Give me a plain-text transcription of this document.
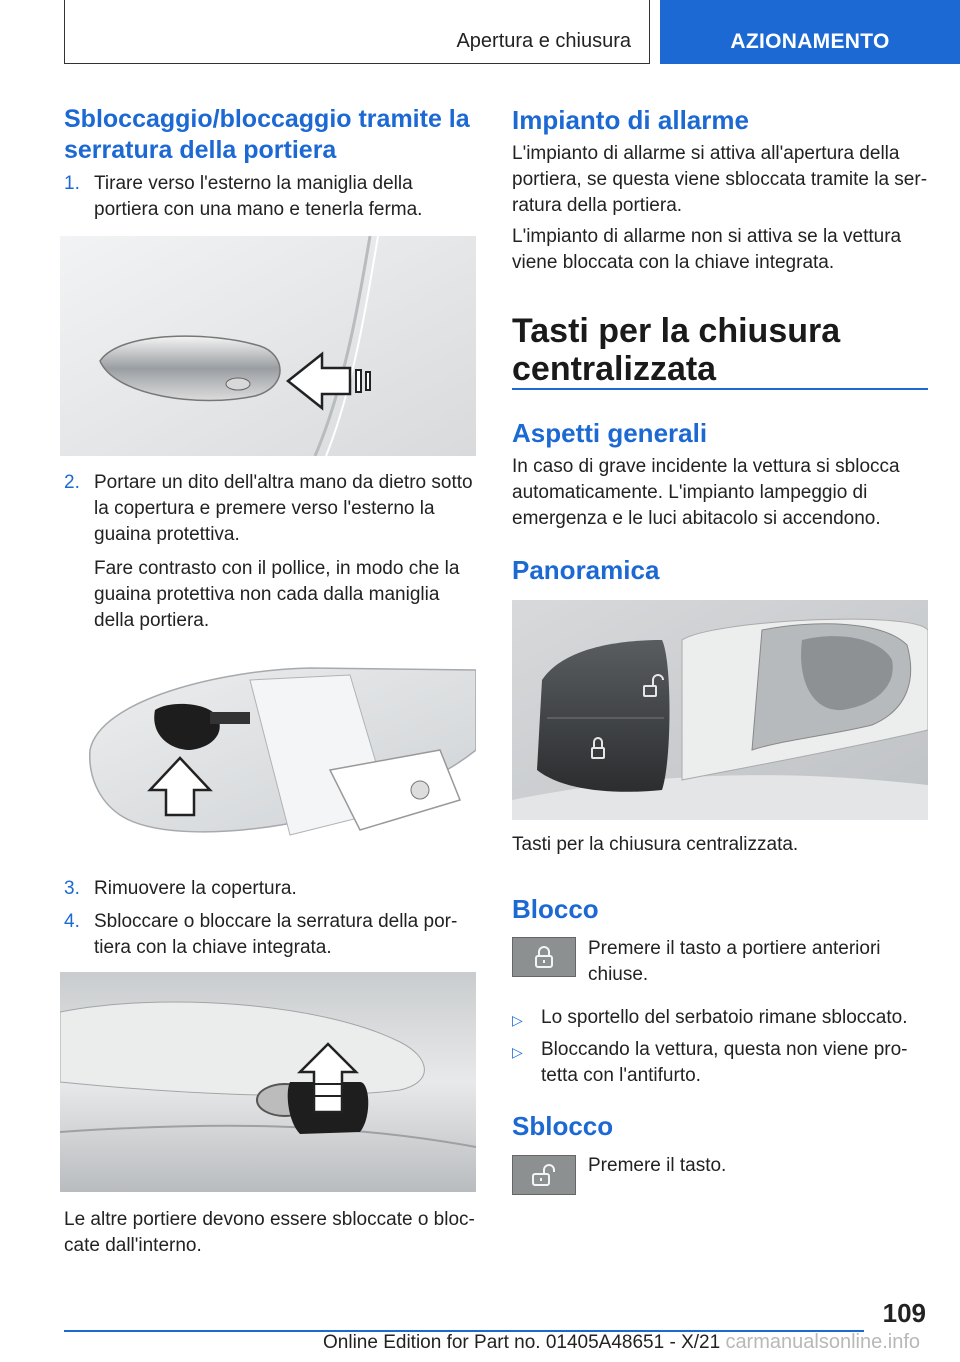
Apertura e chiusura	AZIONAMENTO
Sbloccaggio/bloccaggio tramite la serratura della portiera
1. Tirare verso l'esterno la maniglia della portiera con una mano e tenerla ferma.
2. Portare un dito dell'altra mano da dietro sotto la copertura e premere verso l'esterno la guaina protettiva.
Fare contrasto con il pollice, in modo che la guaina protettiva non cada dalla maniglia della portiera.
3. Rimuovere la copertura.
4. Sbloccare o bloccare la serratura della por‐tiera con la chiave integrata.

Le altre portiere devono essere sbloccate o bloc‐cate dall'interno.

Impianto di allarme

L'impianto di allarme si attiva all'apertura della portiera, se questa viene sbloccata tramite la ser‐ratura della portiera.

L'impianto di allarme non si attiva se la vettura viene bloccata con la chiave integrata.

Tasti per la chiusura centralizzata
Aspetti generali

In caso di grave incidente la vettura si sblocca automaticamente. L'impianto lampeggio di emergenza e le luci abitacolo si accendono.

Panoramica

Tasti per la chiusura centralizzata.

Blocco

Premere il tasto a portiere anteriori chiuse.

▷ Lo sportello del serbatoio rimane sbloccato.
▷ Bloccando la vettura, questa non viene pro‐tetta con l'antifurto.
Sblocco

Premere il tasto.

109
Online Edition for Part no. 01405A48651 - X/21 carmanualsonline.info
